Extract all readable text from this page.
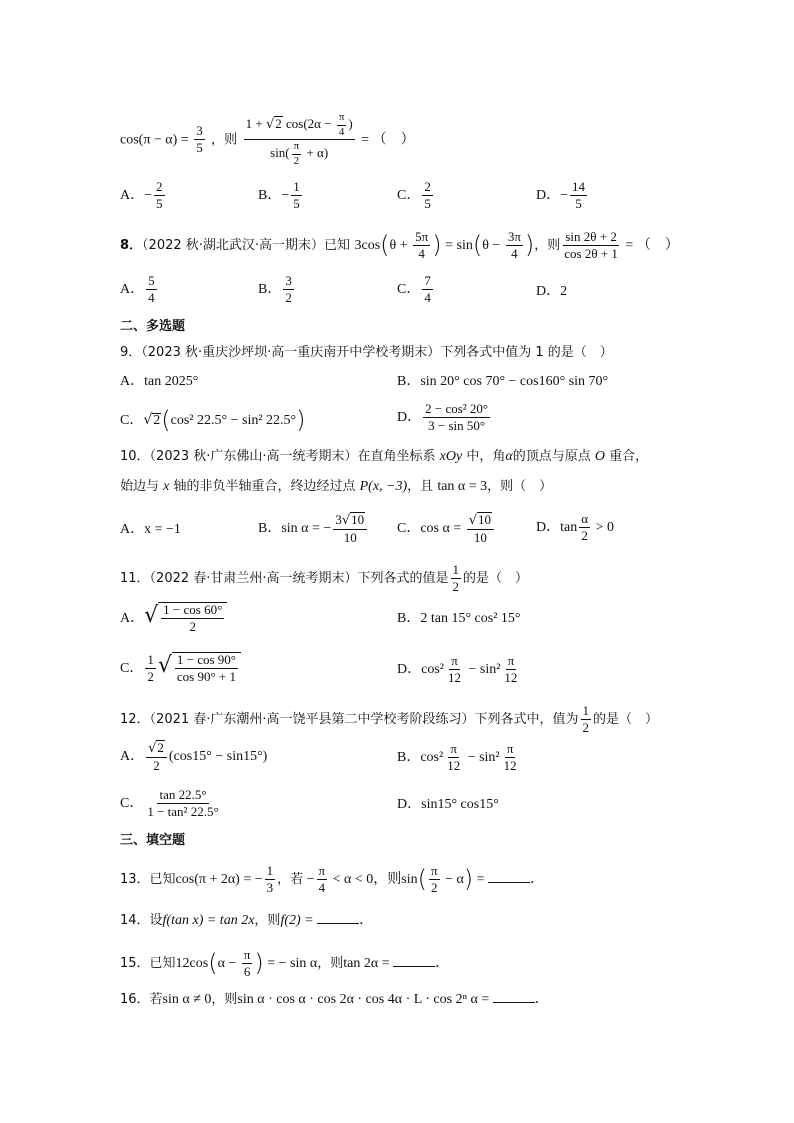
$\cos(\pi - \alpha) = \frac{3}{5}$ ，则 $\frac{1 + √2 \cos(2\alpha - \frac{\pi}{4} )}{\sin( \frac{\pi}{2} + \alpha)}$ = （　）
A．− $\frac{2}{5}$	B．− $\frac{1}{5}$	C． $\frac{2}{5}$	D．− $\frac{14}{5}$
8．（2022 秋·湖北武汉·高一期末）已知 $3\cos(\theta + \frac{5\pi}{4}$ ) = $\sin(\theta - \frac{3\pi}{4}$ )，则 $\frac{\sin 2\theta + 2}{\cos 2\theta + 1}$ = （　）
A． $\frac{5}{4}$	B． $\frac{3}{2}$	C． $\frac{7}{4}$	D．2
二、多选题
9．（2023 秋·重庆沙坪坝·高一重庆南开中学校考期末）下列各式中值为 1 的是（　）
A．tan 2025°	B．sin 20° cos 70° − cos160° sin 70°
C．√2(cos² 22.5° − sin² 22.5°)	D． $\frac{\text{2 − cos² 20°}}{3 - \sin 50^\circ}$
10．（2023 秋·广东佛山·高一统考期末）在直角坐标系 xOy 中，角α的顶点与原点 O 重合，
始边与 x 轴的非负半轴重合，终边经过点 P(x, −3)，且 tan α = 3，则（　）
A．x = −1	B．sin α = − $\frac{3√10}{10}$ C．$\cos \alpha = \frac{√10}{10}$	D．$\tan \frac{\alpha}{2} > 0$
11．（2022 春·甘肃兰州·高一统考期末）下列各式的值是 $\frac{1}{2}$ 的是（　）
A．√ $\frac{1 - \cos 60^\circ}{2}$	B．2 tan 15° cos² 15°
C． $\frac{1}{2}$ √ $\frac{1 - \cos 90^\circ}{\cos 90^\circ + 1}$	D．$\cos^2 \frac{\pi}{12} - \sin^2 \frac{\pi}{12}$
12．（2021 春·广东潮州·高一饶平县第二中学校考阶段练习）下列各式中，值为 $\frac{1}{2}$ 的是（　）
A． $\frac{√2}{2} (\cos 15^\circ - \sin 15^\circ)$	B．$\cos^2 \frac{\pi}{12} - \sin^2 \frac{\pi}{12}$
C． $\frac{\tan 22.5^\circ}{\text{1 − tan² 22.5°}}$	D．sin15° cos15°
三、填空题
13．已知cos(π + 2α) = − $\frac{1}{3}$ ，若 − $\frac{\pi}{4} < \alpha < 0$，则$\sin( \frac{\pi}{2} - \alpha)$ =	．
14．设f(tan x) = tan 2x，则f(2) =	．
15．已知$12\cos(\alpha - \frac{\pi}{6}$ ) = − sin α，则tan 2α =	．
16．若sin α ≠ 0，则sin α · cos α · cos 2α · cos 4α · L · cos 2ⁿ α =	．
